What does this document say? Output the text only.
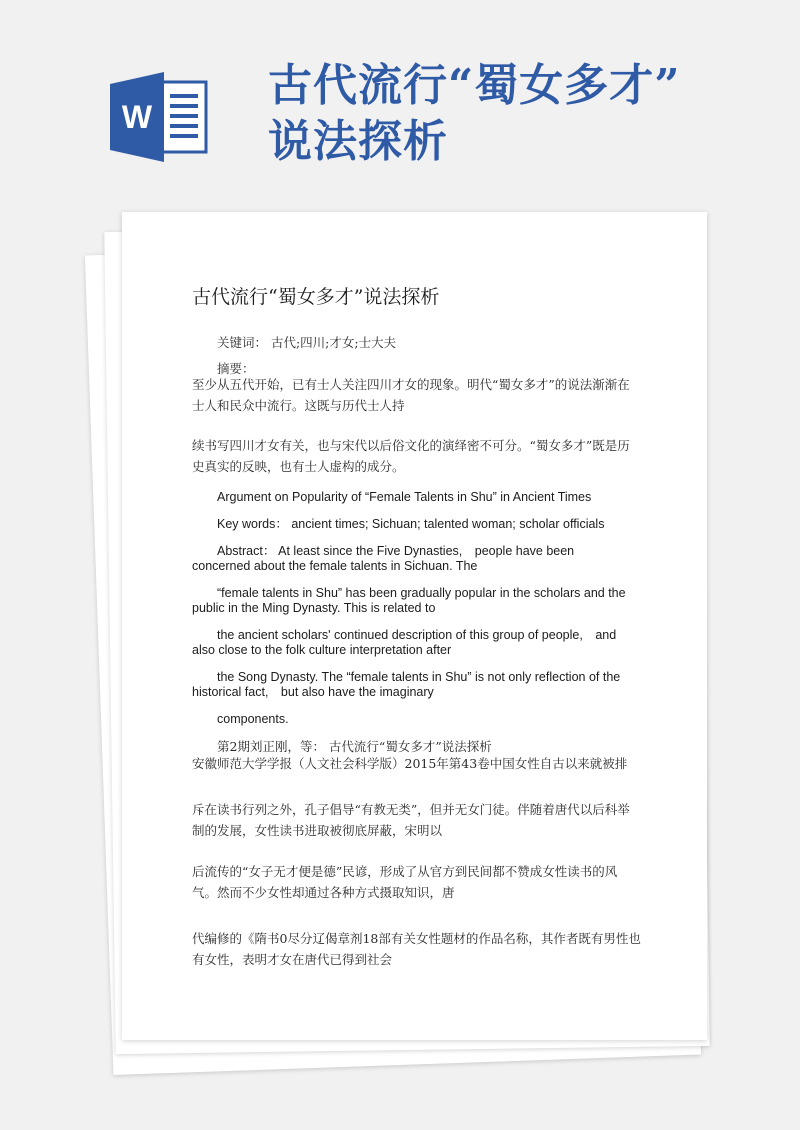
W
古代流行“蜀女多才”
说法探析

古代流行“蜀女多才”说法探析

关键词： 古代;四川;才女;士大夫

摘要：

至少从五代开始，已有士人关注四川才女的现象。明代“蜀女多才”的说法渐渐在士人和民众中流行。这既与历代士人持

续书写四川才女有关，也与宋代以后俗文化的演绎密不可分。“蜀女多才”既是历史真实的反映，也有士人虚构的成分。

Argument on Popularity of “Female Talents in Shu” in Ancient Times

Key words： ancient times; Sichuan; talented woman; scholar officials

Abstract： At least since the Five Dynasties,　people have been concerned about the female talents in Sichuan. The

“female talents in Shu” has been gradually popular in the scholars and the public in the Ming Dynasty. This is related to

the ancient scholars' continued description of this group of people,　and also close to the folk culture interpretation after

the Song Dynasty. The “female talents in Shu” is not only reflection of the historical fact,　but also have the imaginary

components.

第2期刘正刚，等： 古代流行“蜀女多才”说法探析

安徽师范大学学报（人文社会科学版）2015年第43卷中国女性自古以来就被排

斥在读书行列之外，孔子倡导“有教无类”，但并无女门徒。伴随着唐代以后科举制的发展，女性读书进取被彻底屏蔽，宋明以

后流传的“女子无才便是德”民谚，形成了从官方到民间都不赞成女性读书的风气。然而不少女性却通过各种方式摄取知识，唐

代编修的《隋书0尽分辽偈章剂18部有关女性题材的作品名称，其作者既有男性也有女性，表明才女在唐代已得到社会
